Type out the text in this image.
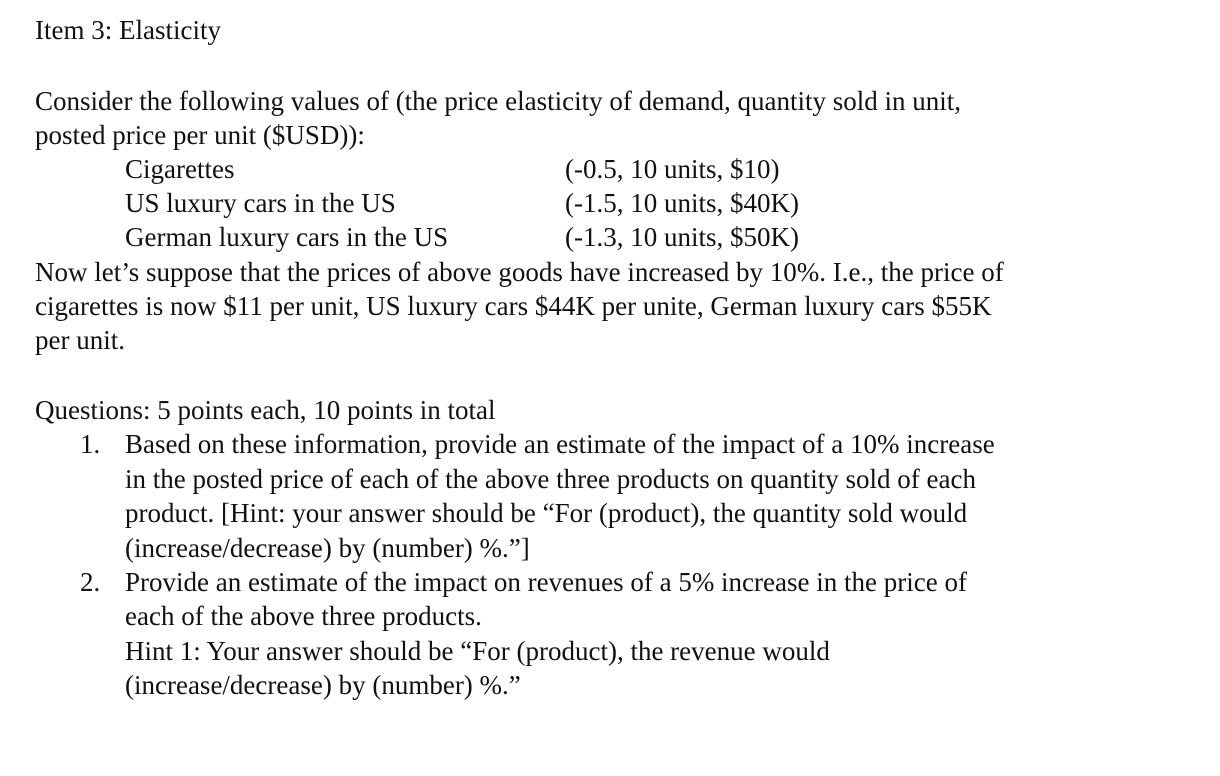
Item 3: Elasticity
Consider the following values of (the price elasticity of demand, quantity sold in unit,
posted price per unit ($USD)):
Cigarettes	(-0.5, 10 units, $10)
US luxury cars in the US	(-1.5, 10 units, $40K)
German luxury cars in the US	(-1.3, 10 units, $50K)
Now let’s suppose that the prices of above goods have increased by 10%. I.e., the price of
cigarettes is now $11 per unit, US luxury cars $44K per unite, German luxury cars $55K
per unit.
Questions: 5 points each, 10 points in total
1. Based on these information, provide an estimate of the impact of a 10% increase
in the posted price of each of the above three products on quantity sold of each
product. [Hint: your answer should be “For (product), the quantity sold would
(increase/decrease) by (number) %.”]
2. Provide an estimate of the impact on revenues of a 5% increase in the price of
each of the above three products.
Hint 1: Your answer should be “For (product), the revenue would
(increase/decrease) by (number) %.”
